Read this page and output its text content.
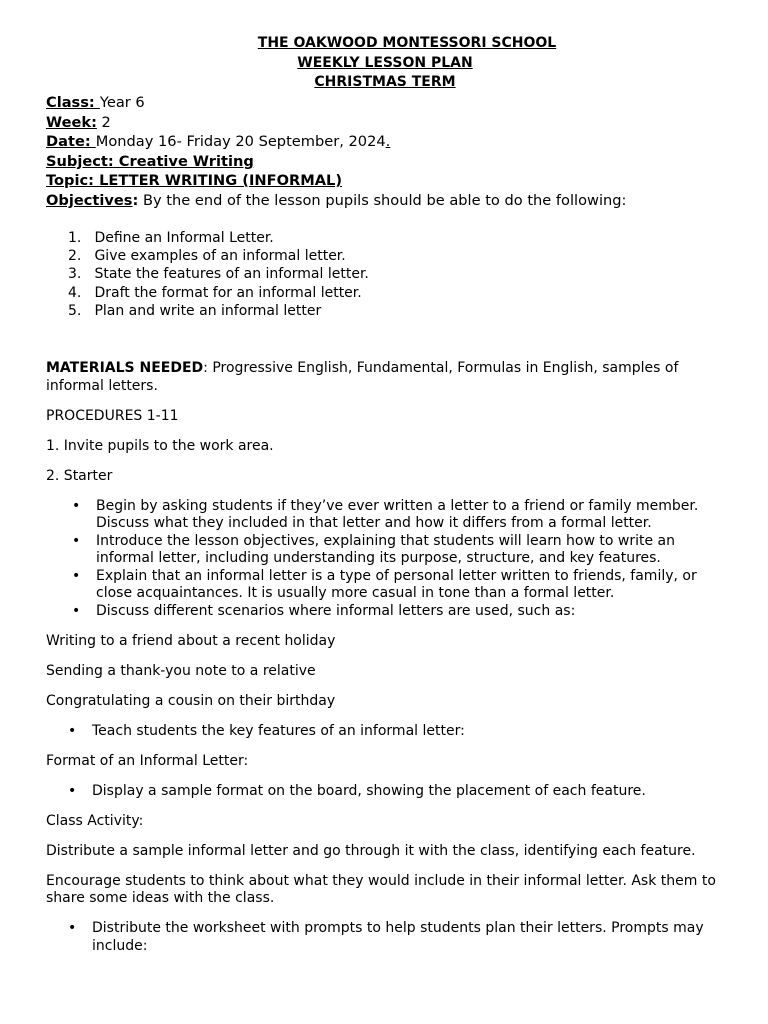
THE OAKWOOD MONTESSORI SCHOOL
WEEKLY LESSON PLAN
CHRISTMAS TERM
Class: Year 6
Week: 2
Date: Monday 16- Friday 20 September, 2024.
Subject: Creative Writing
Topic: LETTER WRITING (INFORMAL)
Objectives: By the end of the lesson pupils should be able to do the following:
1. Define an Informal Letter.
2. Give examples of an informal letter.
3. State the features of an informal letter.
4. Draft the format for an informal letter.
5. Plan and write an informal letter

MATERIALS NEEDED: Progressive English, Fundamental, Formulas in English, samples of informal letters.

PROCEDURES 1-11

1. Invite pupils to the work area.

2. Starter

• Begin by asking students if they’ve ever written a letter to a friend or family member. Discuss what they included in that letter and how it differs from a formal letter.
• Introduce the lesson objectives, explaining that students will learn how to write an informal letter, including understanding its purpose, structure, and key features.
• Explain that an informal letter is a type of personal letter written to friends, family, or close acquaintances. It is usually more casual in tone than a formal letter.
• Discuss different scenarios where informal letters are used, such as:

Writing to a friend about a recent holiday

Sending a thank-you note to a relative

Congratulating a cousin on their birthday

• Teach students the key features of an informal letter:

Format of an Informal Letter:

• Display a sample format on the board, showing the placement of each feature.

Class Activity:

Distribute a sample informal letter and go through it with the class, identifying each feature.

Encourage students to think about what they would include in their informal letter. Ask them to share some ideas with the class.

• Distribute the worksheet with prompts to help students plan their letters. Prompts may include:
